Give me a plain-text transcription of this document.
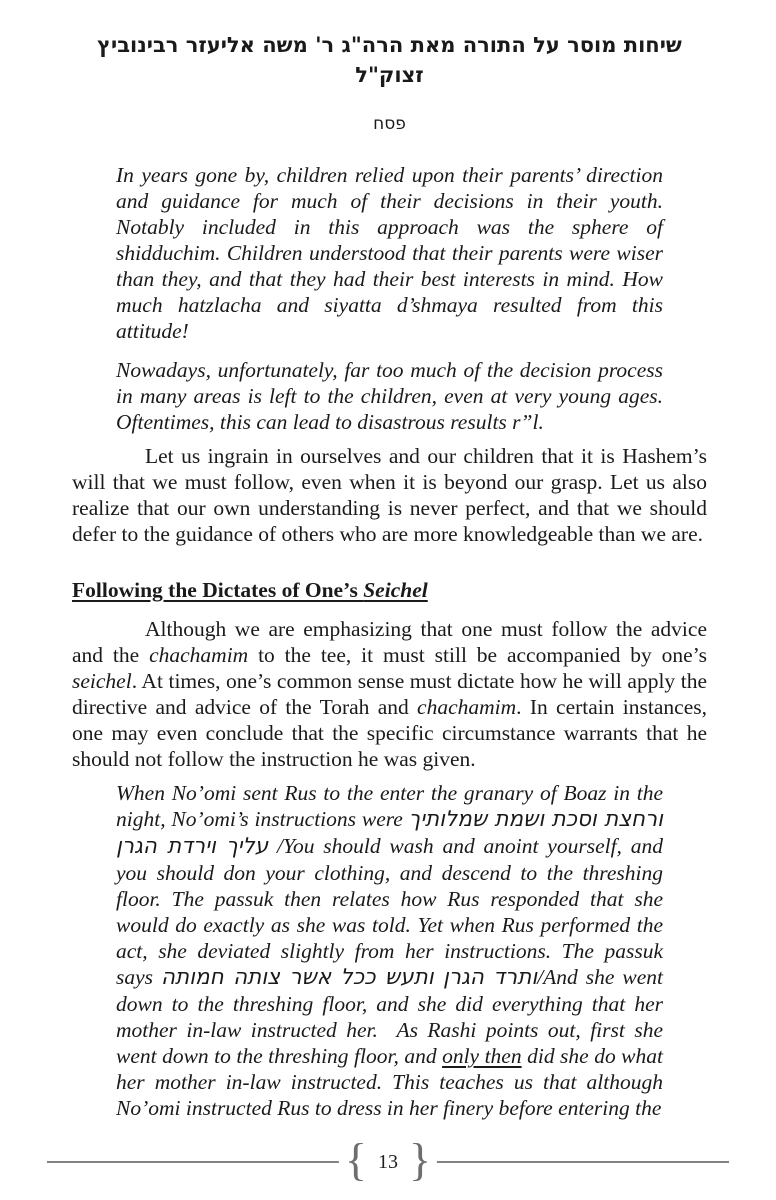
שיחות מוסר על התורה מאת הרה"ג ר' משה אליעזר רבינוביץ זצוק"ל
פסח

In years gone by, children relied upon their parents’ direction and guidance for much of their decisions in their youth. Notably included in this approach was the sphere of shidduchim. Children understood that their parents were wiser than they, and that they had their best interests in mind. How much hatzlacha and siyatta d’shmaya resulted from this attitude!

Nowadays, unfortunately, far too much of the decision process in many areas is left to the children, even at very young ages. Oftentimes, this can lead to disastrous results r”l.

Let us ingrain in ourselves and our children that it is Hashem’s will that we must follow, even when it is beyond our grasp. Let us also realize that our own understanding is never perfect, and that we should defer to the guidance of others who are more knowledgeable than we are.

Following the Dictates of One’s Seichel

Although we are emphasizing that one must follow the advice and the chachamim to the tee, it must still be accompanied by one’s seichel. At times, one’s common sense must dictate how he will apply the directive and advice of the Torah and chachamim. In certain instances, one may even conclude that the specific circumstance warrants that he should not follow the instruction he was given.

When No’omi sent Rus to the enter the granary of Boaz in the night, No’omi’s instructions were ורחצת וסכת ושמת שמלותיך עליך וירדת הגרן /You should wash and anoint yourself, and you should don your clothing, and descend to the threshing floor. The passuk then relates how Rus responded that she would do exactly as she was told. Yet when Rus performed the act, she deviated slightly from her instructions. The passuk says ותרד הגרן ותעש ככל אשר צותה חמותה/And she went down to the threshing floor, and she did everything that her mother in-law instructed her.  As Rashi points out, first she went down to the threshing floor, and only then did she do what her mother in-law instructed. This teaches us that although No’omi instructed Rus to dress in her finery before entering the

{ 13 }
